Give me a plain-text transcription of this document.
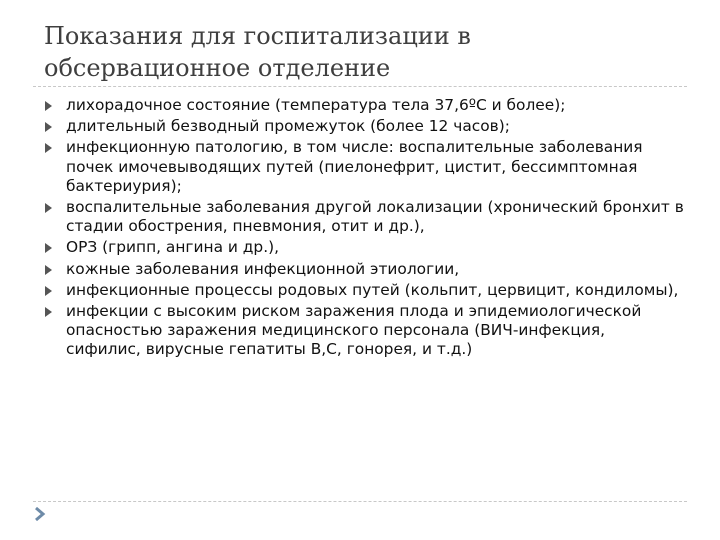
Показания для госпитализации в
обсервационное отделение
лихорадочное состояние (температура тела 37,6ºС и более);
длительный безводный промежуток (более 12 часов);
инфекционную патологию, в том числе: воспалительные заболевания почек имочевыводящих путей (пиелонефрит, цистит, бессимптомная бактериурия);
воспалительные заболевания другой локализации (хронический бронхит в стадии обострения, пневмония, отит и др.),
ОРЗ (грипп, ангина и др.),
кожные заболевания инфекционной этиологии,
инфекционные процессы родовых путей (кольпит, цервицит, кондиломы),
инфекции с высоким риском заражения плода и эпидемиологической опасностью заражения медицинского персонала (ВИЧ-инфекция, сифилис, вирусные гепатиты В,С, гонорея, и т.д.)
